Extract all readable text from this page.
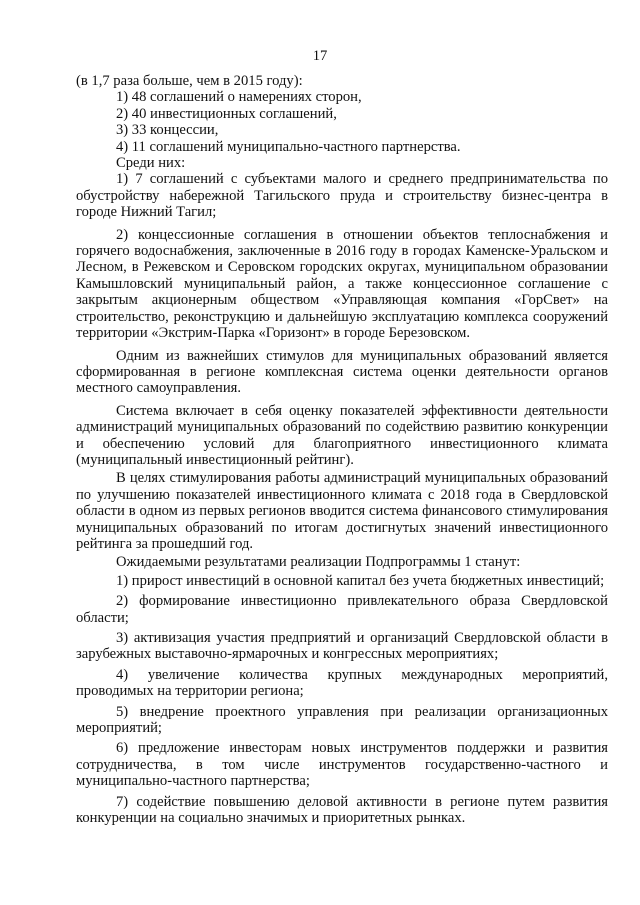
17

(в 1,7 раза больше, чем в 2015 году):

1) 48 соглашений о намерениях сторон,

2) 40 инвестиционных соглашений,

3) 33 концессии,

4) 11 соглашений муниципально-частного партнерства.

Среди них:

1) 7 соглашений с субъектами малого и среднего предпринимательства по обустройству набережной Тагильского пруда и строительству бизнес-центра в городе Нижний Тагил;

2) концессионные соглашения в отношении объектов теплоснабжения и горячего водоснабжения, заключенные в 2016 году в городах Каменске-Уральском и Лесном, в Режевском и Серовском городских округах, муниципальном образовании Камышловский муниципальный район, а также концессионное соглашение с закрытым акционерным обществом «Управляющая компания «ГорСвет» на строительство, реконструкцию и дальнейшую эксплуатацию комплекса сооружений территории «Экстрим-Парка «Горизонт» в городе Березовском.

Одним из важнейших стимулов для муниципальных образований является сформированная в регионе комплексная система оценки деятельности органов местного самоуправления.

Система включает в себя оценку показателей эффективности деятельности администраций муниципальных образований по содействию развитию конкуренции и обеспечению условий для благоприятного инвестиционного климата (муниципальный инвестиционный рейтинг).

В целях стимулирования работы администраций муниципальных образований по улучшению показателей инвестиционного климата с 2018 года в Свердловской области в одном из первых регионов вводится система финансового стимулирования муниципальных образований по итогам достигнутых значений инвестиционного рейтинга за прошедший год.

Ожидаемыми результатами реализации Подпрограммы 1 станут:

1) прирост инвестиций в основной капитал без учета бюджетных инвестиций;

2) формирование инвестиционно привлекательного образа Свердловской области;

3) активизация участия предприятий и организаций Свердловской области в зарубежных выставочно-ярмарочных и конгрессных мероприятиях;

4) увеличение количества крупных международных мероприятий, проводимых на территории региона;

5) внедрение проектного управления при реализации организационных мероприятий;

6) предложение инвесторам новых инструментов поддержки и развития сотрудничества, в том числе инструментов государственно-частного и муниципально-частного партнерства;

7) содействие повышению деловой активности в регионе путем развития конкуренции на социально значимых и приоритетных рынках.
